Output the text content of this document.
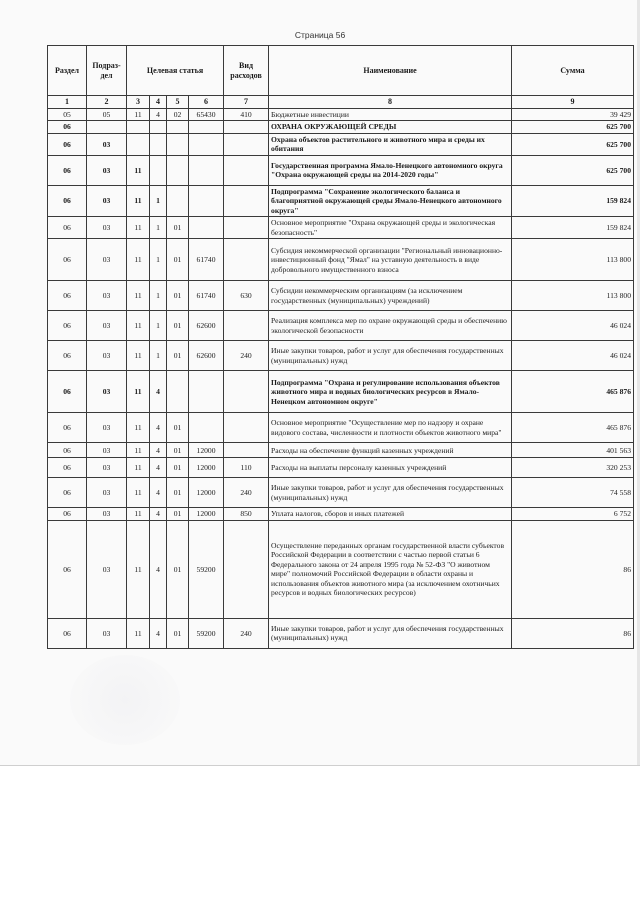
Страница 56
Раздел	Подраз-дел	Целевая статья				Вид расходов	Наименование	Сумма
1	2	3	4	5	6	7	8	9
05	05	11	4	02	65430	410	Бюджетные инвестиции	39 429
06							ОХРАНА ОКРУЖАЮЩЕЙ СРЕДЫ	625 700
06	03						Охрана объектов растительного и животного мира и среды их обитания	625 700
06	03	11					Государственная программа Ямало-Ненецкого автономного округа "Охрана окружающей среды на 2014-2020 годы"	625 700
06	03	11	1				Подпрограмма "Сохранение экологического баланса и благоприятной окружающей среды Ямало-Ненецкого автономного округа"	159 824
06	03	11	1	01			Основное мероприятие "Охрана окружающей среды и экологическая безопасность"	159 824
06	03	11	1	01	61740		Субсидия некоммерческой организации "Региональный инновационно-инвестиционный фонд "Ямал" на уставную деятельность в виде добровольного имущественного взноса	113 800
06	03	11	1	01	61740	630	Субсидии некоммерческим организациям (за исключением государственных (муниципальных) учреждений)	113 800
06	03	11	1	01	62600		Реализация комплекса мер по охране окружающей среды и обеспечению экологической безопасности	46 024
06	03	11	1	01	62600	240	Иные закупки товаров, работ и услуг для обеспечения государственных (муниципальных) нужд	46 024
06	03	11	4				Подпрограмма "Охрана и регулирование использования объектов животного мира и водных биологических ресурсов в Ямало-Ненецком автономном округе"	465 876
06	03	11	4	01			Основное мероприятие "Осуществление мер по надзору и охране видового состава, численности и плотности объектов животного мира"	465 876
06	03	11	4	01	12000		Расходы на обеспечение функций казенных учреждений	401 563
06	03	11	4	01	12000	110	Расходы на выплаты персоналу казенных учреждений	320 253
06	03	11	4	01	12000	240	Иные закупки товаров, работ и услуг для обеспечения государственных (муниципальных) нужд	74 558
06	03	11	4	01	12000	850	Уплата налогов, сборов и иных платежей	6 752
06	03	11	4	01	59200		Осуществление переданных органам государственной власти субъектов Российской Федерации в соответствии с частью первой статьи 6 Федерального закона от 24 апреля 1995 года № 52-ФЗ "О животном мире" полномочий Российской Федерации в области охраны и использования объектов животного мира (за исключением охотничьих ресурсов и водных биологических ресурсов)	86
06	03	11	4	01	59200	240	Иные закупки товаров, работ и услуг для обеспечения государственных (муниципальных) нужд	86
